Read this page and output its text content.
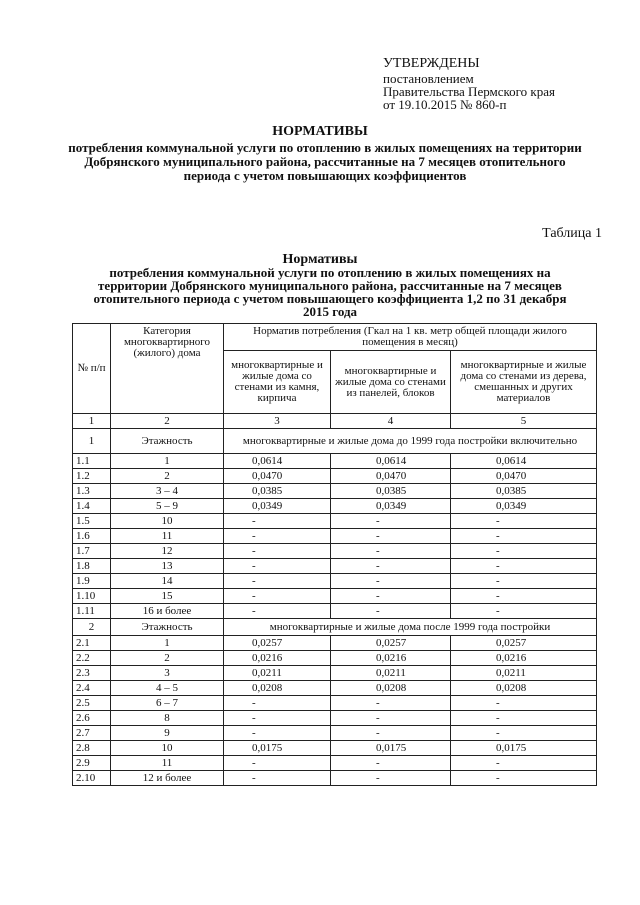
УТВЕРЖДЕНЫ
постановлением
Правительства Пермского края
от 19.10.2015 № 860-п
НОРМАТИВЫ
потребления коммунальной услуги по отоплению в жилых помещениях на территории Добрянского муниципального района, рассчитанные на 7 месяцев отопительного периода с учетом повышающих коэффициентов
Таблица 1
Нормативы
потребления коммунальной услуги по отоплению в жилых помещениях на территории Добрянского муниципального района, рассчитанные на 7 месяцев отопительного периода с учетом повышающего коэффициента 1,2 по 31 декабря 2015 года
№ п/п	Категория многоквартирного (жилого) дома	Норматив потребления (Гкал на 1 кв. метр общей площади жилого помещения в месяц)		
		многоквартирные и жилые дома со стенами из камня, кирпича	многоквартирные и жилые дома со стенами из панелей, блоков	многоквартирные и жилые дома со стенами из дерева, смешанных и других материалов
1	2	3	4	5
1	Этажность	многоквартирные и жилые дома до 1999 года постройки включительно		
1.1	1	0,0614	0,0614	0,0614
1.2	2	0,0470	0,0470	0,0470
1.3	3 – 4	0,0385	0,0385	0,0385
1.4	5 – 9	0,0349	0,0349	0,0349
1.5	10	-	-	-
1.6	11	-	-	-
1.7	12	-	-	-
1.8	13	-	-	-
1.9	14	-	-	-
1.10	15	-	-	-
1.11	16 и более	-	-	-
2	Этажность	многоквартирные и жилые дома после 1999 года постройки		
2.1	1	0,0257	0,0257	0,0257
2.2	2	0,0216	0,0216	0,0216
2.3	3	0,0211	0,0211	0,0211
2.4	4 – 5	0,0208	0,0208	0,0208
2.5	6 – 7	-	-	-
2.6	8	-	-	-
2.7	9	-	-	-
2.8	10	0,0175	0,0175	0,0175
2.9	11	-	-	-
2.10	12 и более	-	-	-
